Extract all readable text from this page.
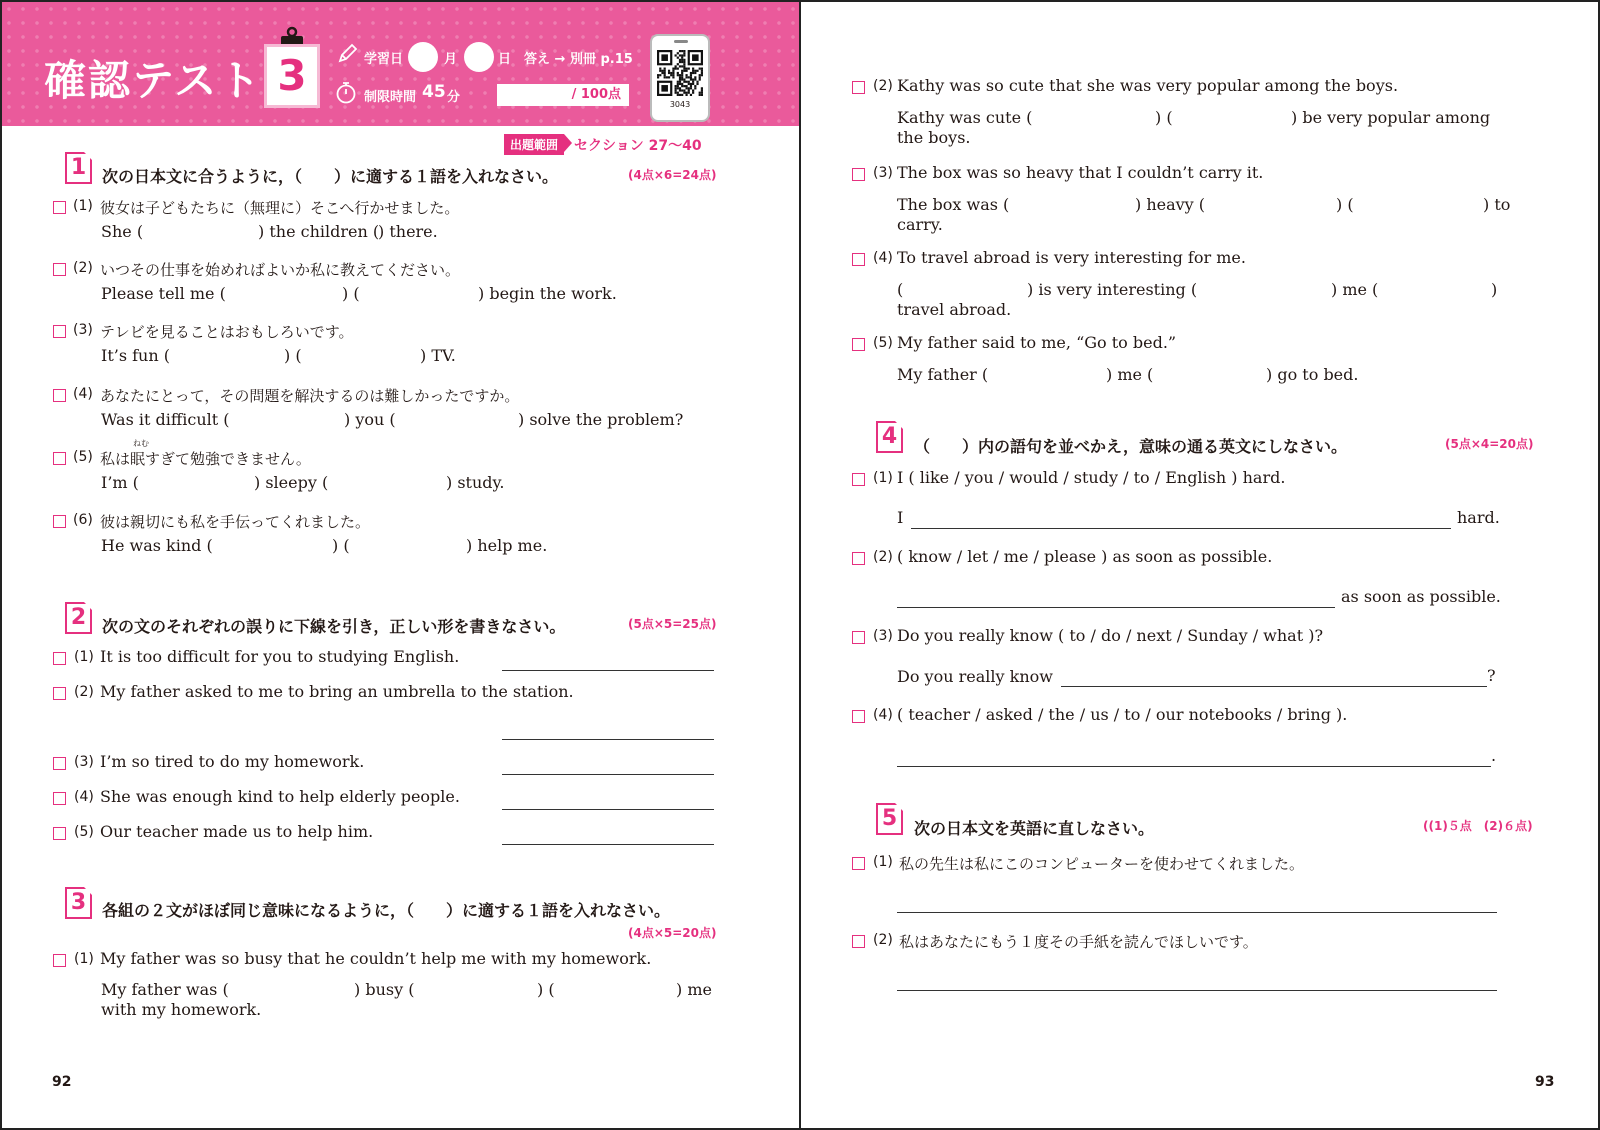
確認テスト 3	学習日	月	日 答え → 別冊 p.15
制限時間 45 分	/ 100点
3043
出題範囲	セクション 27～40
1 次の日本文に合うように，（　　）に適する１語を入れなさい。	(4点×6=24点)
2 次の文のそれぞれの誤りに下線を引き，正しい形を書きなさい。	(5点×5=25点)
3 各組の２文がほぼ同じ意味になるように，（　　）に適する１語を入れなさい。
(4点×5=20点)
92
(1) 彼女は子どもたちに（無理に）そこへ行かせました。
She (	) the children (
) there.
(2) いつその仕事を始めればよいか私に教えてください。
Please tell me (	) (	) begin the work.
(3) テレビを見ることはおもしろいです。
It’s fun (	) (	) TV.
(4) あなたにとって，その問題を解決するのは難しかったですか。
Was it difficult (	) you (	) solve the problem?
(5) 私は眠すぎて勉強できません。
I’m (	) sleepy (	) study.
(6) 彼は親切にも私を手伝ってくれました。
He was kind (	) (	) help me.
ねむ
(1) It is too difficult for you to studying English.
(2) My father asked to me to bring an umbrella to the station.
(3) I’m so tired to do my homework.
(4) She was enough kind to help elderly people.
(5) Our teacher made us to help him.
(1) My father was so busy that he couldn’t help me with my homework.
My father was (	) busy (	) (	) me
with my homework.
4	（　　）内の語句を並べかえ，意味の通る英文にしなさい。	(5点×4=20点)
5	次の日本文を英語に直しなさい。	((1)５点　(2)６点)
93
(2) Kathy was so cute that she was very popular among the boys.
Kathy was cute (	) (	) be very popular among
the boys.
(3) The box was so heavy that I couldn’t carry it.
The box was (	) heavy (	) (	) to
carry.
(4) To travel abroad is very interesting for me.
(	) is very interesting (	) me (	)
travel abroad.
(5) My father said to me, “Go to bed.”
My father (	) me (	) go to bed.
(1) I ( like / you / would / study / to / English ) hard.
I
(2) ( know / let / me / please ) as soon as possible.
(3) Do you really know ( to / do / next / Sunday / what )?
Do you really know
(4) ( teacher / asked / the / us / to / our notebooks / bring ).
hard.
as soon as possible.
?
.
(1) 私の先生は私にこのコンピューターを使わせてくれました。
(2) 私はあなたにもう１度その手紙を読んでほしいです。
